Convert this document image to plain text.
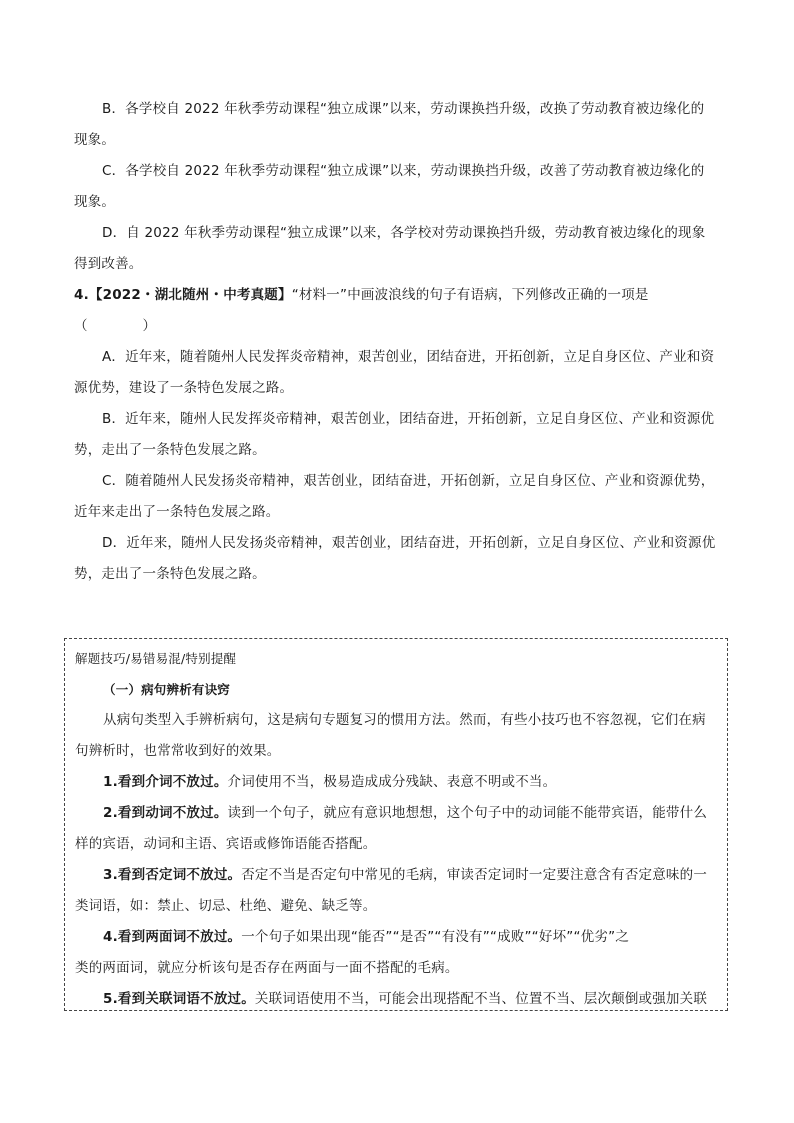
B．各学校自 2022 年秋季劳动课程“独立成课”以来，劳动课换挡升级，改换了劳动教育被边缘化的

现象。

C．各学校自 2022 年秋季劳动课程“独立成课”以来，劳动课换挡升级，改善了劳动教育被边缘化的

现象。

D．自 2022 年秋季劳动课程“独立成课”以来，各学校对劳动课换挡升级，劳动教育被边缘化的现象

得到改善。

4.【2022・湖北随州・中考真题】“材料一”中画波浪线的句子有语病，下列修改正确的一项是

（　　　　）

A．近年来，随着随州人民发挥炎帝精神，艰苦创业，团结奋进，开拓创新，立足自身区位、产业和资

源优势，建设了一条特色发展之路。

B．近年来，随州人民发挥炎帝精神，艰苦创业，团结奋进，开拓创新，立足自身区位、产业和资源优

势，走出了一条特色发展之路。

C．随着随州人民发扬炎帝精神，艰苦创业，团结奋进，开拓创新，立足自身区位、产业和资源优势，

近年来走出了一条特色发展之路。

D．近年来，随州人民发扬炎帝精神，艰苦创业，团结奋进，开拓创新，立足自身区位、产业和资源优

势，走出了一条特色发展之路。

解题技巧/易错易混/特别提醒

（一）病句辨析有诀窍

从病句类型入手辨析病句，这是病句专题复习的惯用方法。然而，有些小技巧也不容忽视，它们在病

句辨析时，也常常收到好的效果。

1.看到介词不放过。介词使用不当，极易造成成分残缺、表意不明或不当。

2.看到动词不放过。读到一个句子，就应有意识地想想，这个句子中的动词能不能带宾语，能带什么

样的宾语，动词和主语、宾语或修饰语能否搭配。

3.看到否定词不放过。否定不当是否定句中常见的毛病，审读否定词时一定要注意含有否定意味的一

类词语，如：禁止、切忌、杜绝、避免、缺乏等。

4.看到两面词不放过。一个句子如果出现“能否”“是否”“有没有”“成败”“好坏”“优劣”之

类的两面词，就应分析该句是否存在两面与一面不搭配的毛病。

5.看到关联词语不放过。关联词语使用不当，可能会出现搭配不当、位置不当、层次颠倒或强加关联
